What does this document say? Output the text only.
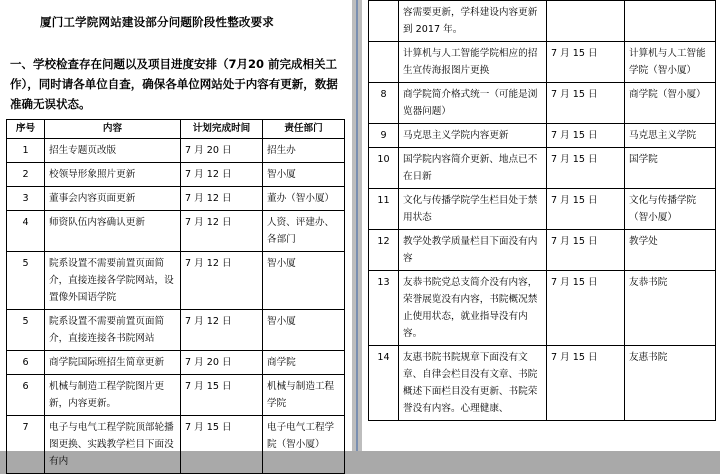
厦门工学院网站建设部分问题阶段性整改要求
一、学校检查存在问题以及项目进度安排（7月20 前完成相关工作），同时请各单位自查，确保各单位网站处于内容有更新，数据准确无误状态。
序号	内容	计划完成时间	责任部门
1	招生专题页改版	7 月 20 日	招生办
2	校领导形象照片更新	7 月 12 日	智小厦
3	董事会内容页面更新	7 月 12 日	董办（智小厦）
4	师资队伍内容确认更新	7 月 12 日	人资、评建办、各部门
5	院系设置不需要前置页面简介，直接连接各学院网站，设置像外国语学院	7 月 12 日	智小厦
5	院系设置不需要前置页面简介，直接连接各书院网站	7 月 12 日	智小厦
6	商学院国际班招生简章更新	7 月 20 日	商学院
6	机械与制造工程学院图片更新，内容更新。	7 月 15 日	机械与制造工程学院
7	电子与电气工程学院顶部轮播图更换、实践教学栏目下面没有内	7 月 15 日	电子电气工程学院（智小厦）
	容需要更新，学科建设内容更新到 2017 年。		
	计算机与人工智能学院相应的招生宣传海报图片更换	7 月 15 日	计算机与人工智能学院（智小厦）
8	商学院简介格式统一（可能是浏览器问题）	7 月 15 日	商学院（智小厦）
9	马克思主义学院内容更新	7 月 15 日	马克思主义学院
10	国学院内容简介更新、地点已不在日新	7 月 15 日	国学院
11	文化与传播学院学生栏目处于禁用状态	7 月 15 日	文化与传播学院（智小厦）
12	教学处教学质量栏目下面没有内容	7 月 15 日	教学处
13	友恭书院党总支简介没有内容，荣誉展览没有内容，书院概况禁止使用状态，就业指导没有内容。	7 月 15 日	友恭书院
14	友惠书院书院规章下面没有文章、自律会栏目没有文章、书院概述下面栏目没有更新、书院荣誉没有内容。心理健康、	7 月 15 日	友惠书院
